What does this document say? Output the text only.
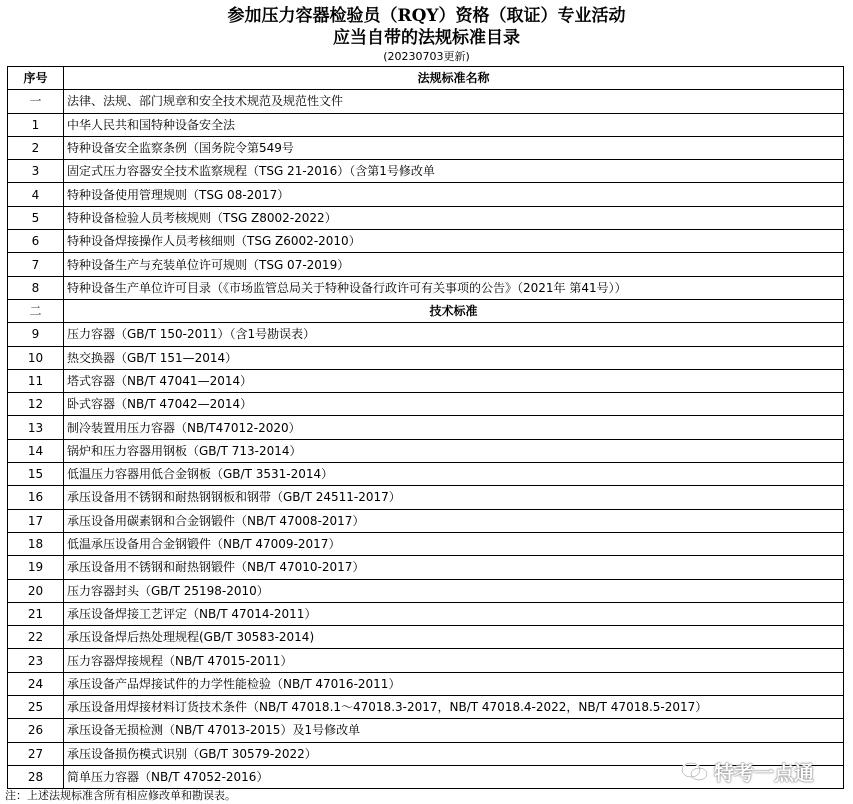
参加压力容器检验员（RQY）资格（取证）专业活动
应当自带的法规标准目录
(20230703更新)
序号	法规标准名称
一	法律、法规、部门规章和安全技术规范及规范性文件
1	中华人民共和国特种设备安全法
2	特种设备安全监察条例（国务院令第549号
3	固定式压力容器安全技术监察规程（TSG 21-2016）（含第1号修改单
4	特种设备使用管理规则（TSG 08-2017）
5	特种设备检验人员考核规则（TSG Z8002-2022）
6	特种设备焊接操作人员考核细则（TSG Z6002-2010）
7	特种设备生产与充装单位许可规则（TSG 07-2019）
8	特种设备生产单位许可目录（《市场监管总局关于特种设备行政许可有关事项的公告》（2021年 第41号））
二	技术标准
9	压力容器（GB/T 150-2011）（含1号勘误表）
10	热交换器（GB/T 151—2014）
11	塔式容器（NB/T 47041—2014）
12	卧式容器（NB/T 47042—2014）
13	制冷装置用压力容器（NB/T47012-2020）
14	锅炉和压力容器用钢板（GB/T 713-2014）
15	低温压力容器用低合金钢板（GB/T 3531-2014）
16	承压设备用不锈钢和耐热钢钢板和钢带（GB/T 24511-2017）
17	承压设备用碳素钢和合金钢锻件（NB/T 47008-2017）
18	低温承压设备用合金钢锻件（NB/T 47009-2017）
19	承压设备用不锈钢和耐热钢锻件（NB/T 47010-2017）
20	压力容器封头（GB/T 25198-2010）
21	承压设备焊接工艺评定（NB/T 47014-2011）
22	承压设备焊后热处理规程(GB/T 30583-2014)
23	压力容器焊接规程（NB/T 47015-2011）
24	承压设备产品焊接试件的力学性能检验（NB/T 47016-2011）
25	承压设备用焊接材料订货技术条件（NB/T 47018.1～47018.3-2017，NB/T 47018.4-2022，NB/T 47018.5-2017）
26	承压设备无损检测（NB/T 47013-2015）及1号修改单
27	承压设备损伤模式识别（GB/T 30579-2022）
28	简单压力容器（NB/T 47052-2016）
注：上述法规标准含所有相应修改单和勘误表。
特考一点通
